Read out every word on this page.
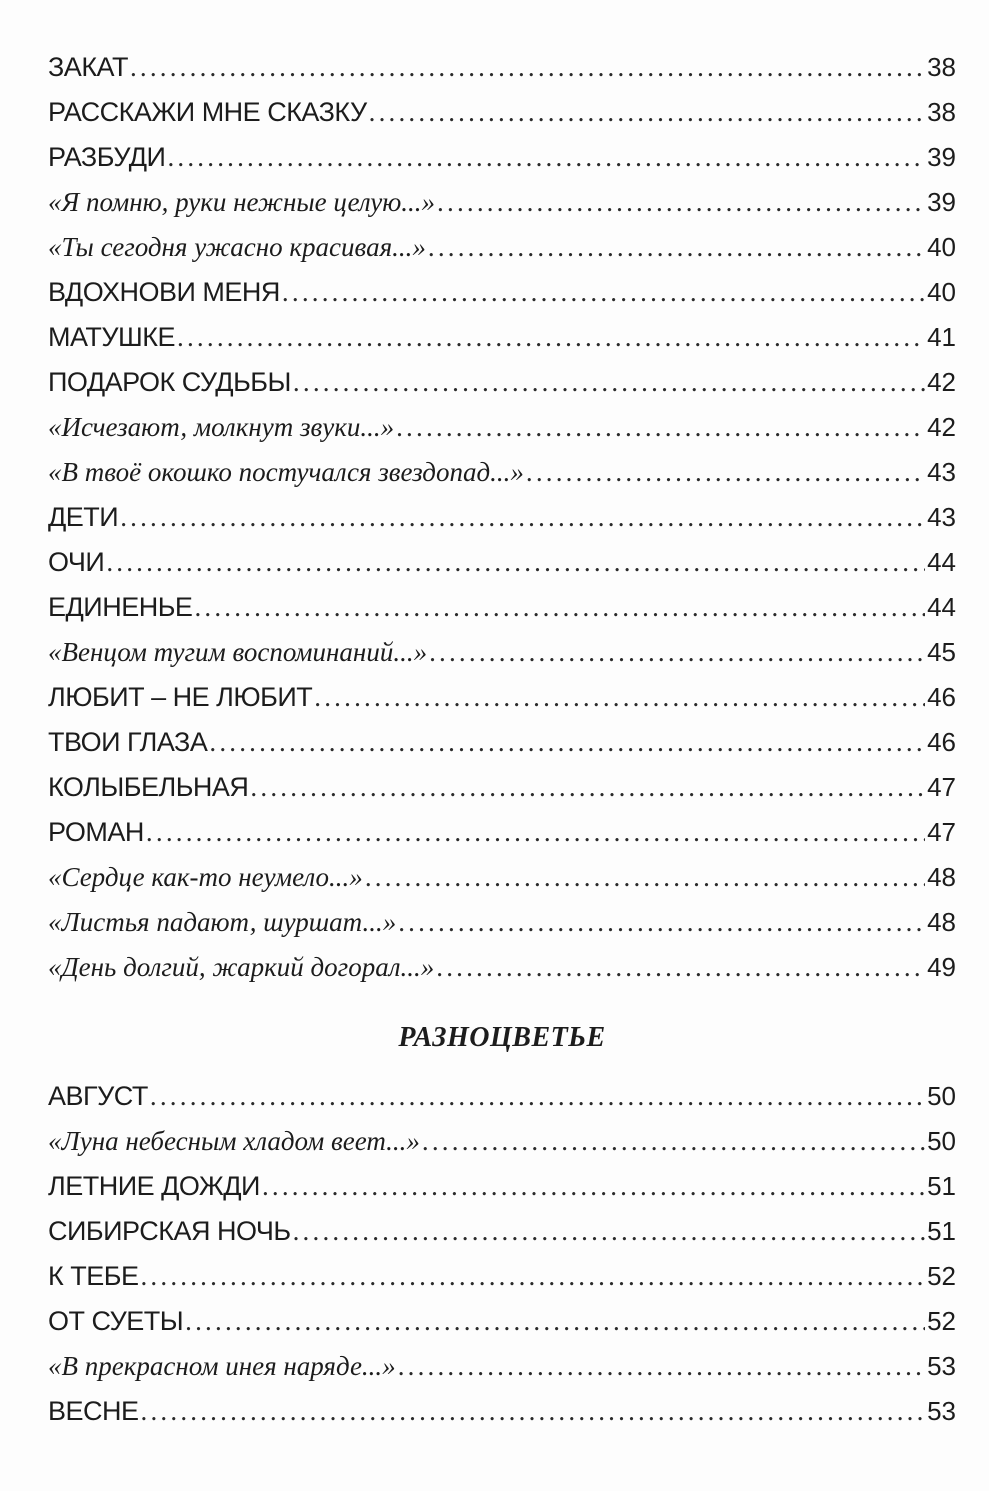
ЗАКАТ .....	38
РАССКАЖИ МНЕ СКАЗКУ .....	38
РАЗБУДИ .....	39
«Я помню, руки нежные целую...» .....	39
«Ты сегодня ужасно красивая...» .....	40
ВДОХНОВИ МЕНЯ .....	40
МАТУШКЕ .....	41
ПОДАРОК СУДЬБЫ .....	42
«Исчезают, молкнут звуки...» .....	42
«В твоё окошко постучался звездопад...» .....	43
ДЕТИ .....	43
ОЧИ .....	44
ЕДИНЕНЬЕ .....	44
«Венцом тугим воспоминаний...» .....	45
ЛЮБИТ – НЕ ЛЮБИТ .....	46
ТВОИ ГЛАЗА .....	46
КОЛЫБЕЛЬНАЯ .....	47
РОМАН .....	47
«Сердце как-то неумело...» .....	48
«Листья падают, шуршат...» .....	48
«День долгий, жаркий догорал...» .....	49
РАЗНОЦВЕТЬЕ
АВГУСТ .....	50
«Луна небесным хладом веет...» .....	50
ЛЕТНИЕ ДОЖДИ .....	51
СИБИРСКАЯ НОЧЬ .....	51
К ТЕБЕ .....	52
ОТ СУЕТЫ .....	52
«В прекрасном инея наряде...» .....	53
ВЕСНЕ .....	53
